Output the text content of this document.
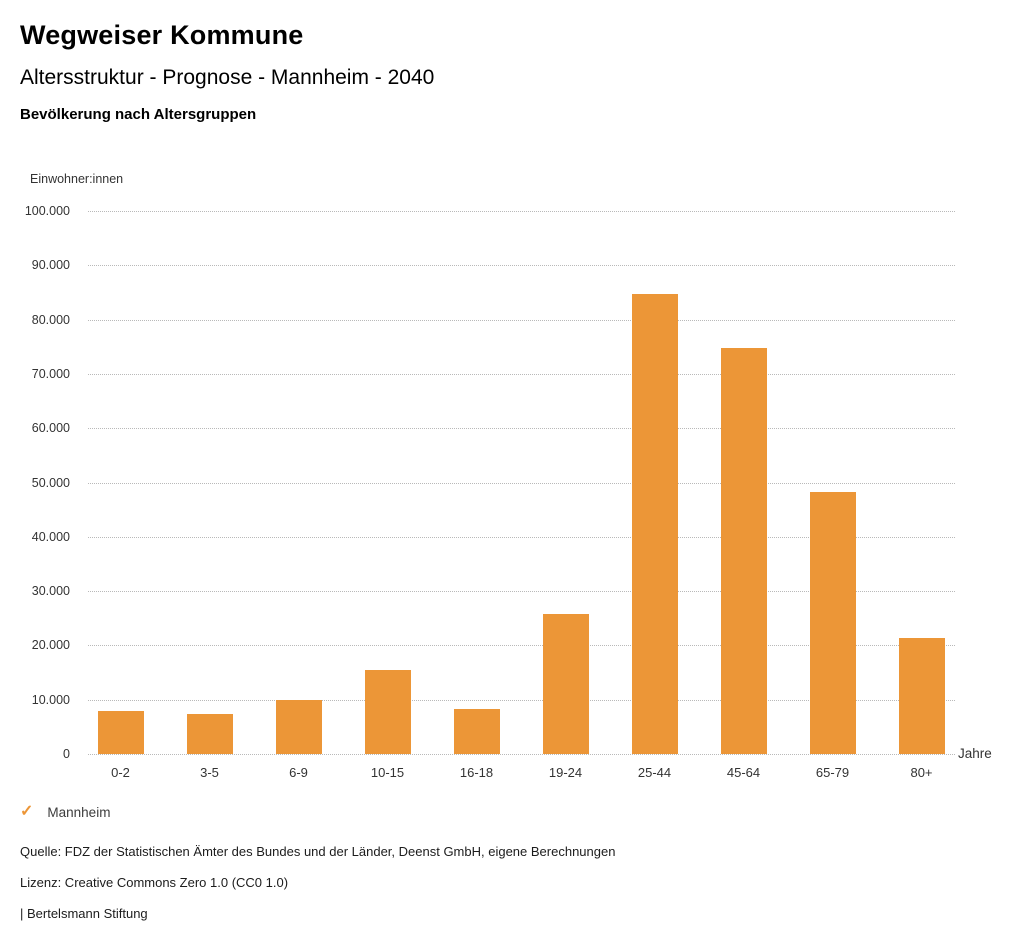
Wegweiser Kommune
Altersstruktur - Prognose - Mannheim - 2040
Bevölkerung nach Altersgruppen
Einwohner:innen
0
10.000
20.000
30.000
40.000
50.000
60.000
70.000
80.000
90.000
100.000
0-2	3-5	6-9	10-15	16-18	19-24	25-44	45-64	65-79	80+
Jahre
✓ Mannheim
Quelle: FDZ der Statistischen Ämter des Bundes und der Länder, Deenst GmbH, eigene Berechnungen
Lizenz: Creative Commons Zero 1.0 (CC0 1.0)
| Bertelsmann Stiftung
